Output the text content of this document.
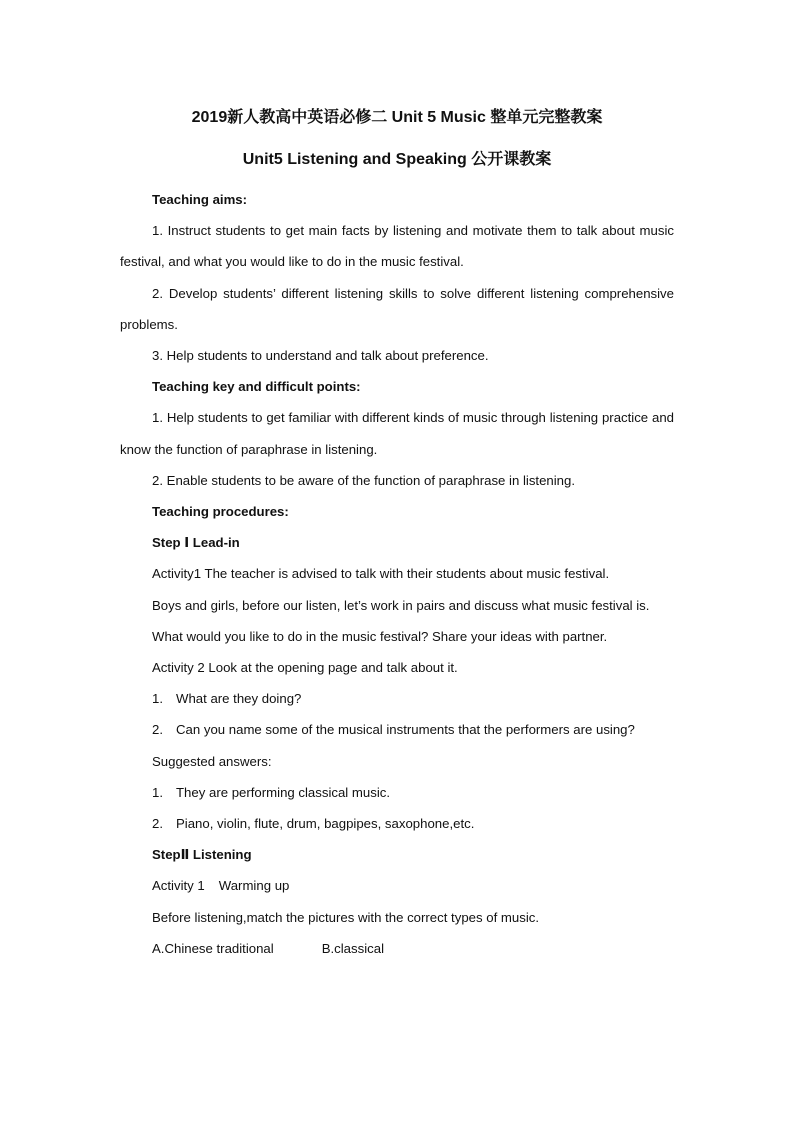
2019新人教高中英语必修二 Unit 5 Music 整单元完整教案
Unit5 Listening and Speaking 公开课教案

Teaching aims:

1. Instruct students to get main facts by listening and motivate them to talk about music festival, and what you would like to do in the music festival.

2. Develop students’ different listening skills to solve different listening comprehensive problems.

3. Help students to understand and talk about preference.

Teaching key and difficult points:

1. Help students to get familiar with different kinds of music through listening practice and know the function of paraphrase in listening.

2. Enable students to be aware of the function of paraphrase in listening.

Teaching procedures:

Step Ⅰ Lead-in

Activity1 The teacher is advised to talk with their students about music festival.

Boys and girls, before our listen, let’s work in pairs and discuss what music festival is.

What would you like to do in the music festival? Share your ideas with partner.

Activity 2 Look at the opening page and talk about it.

1. What are they doing?

2. Can you name some of the musical instruments that the performers are using?

Suggested answers:

1. They are performing classical music.

2. Piano, violin, flute, drum, bagpipes, saxophone,etc.

StepⅡ Listening

Activity 1 Warming up

Before listening,match the pictures with the correct types of music.

A.Chinese traditional	B.classical
